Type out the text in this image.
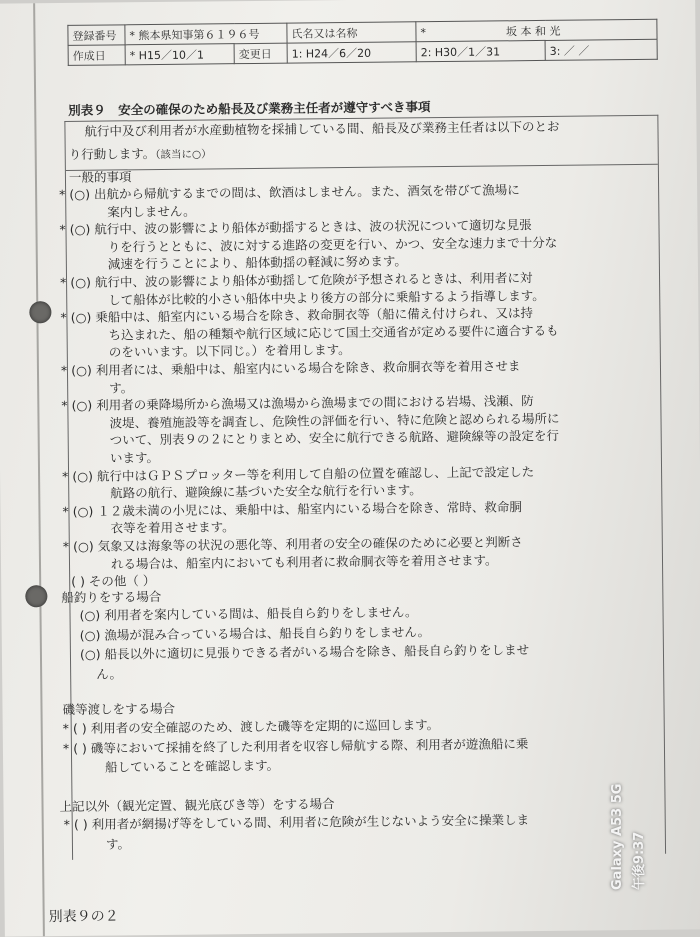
登録番号	* 熊本県知事第６１９６号		氏名又は名称	* 坂 本 和 光	
作成日	* H15／10／1	変更日	1: H24／6／20	2: H30／1／31	3: ／ ／
別表９　安全の確保のため船長及び業務主任者が遵守すべき事項
航行中及び利用者が水産動植物を採捕している間、船長及び業務主任者は以下のとお
り行動します。（該当に○）
一般的事項
* (○) 出航から帰航するまでの間は、飲酒はしません。また、酒気を帯びて漁場に
案内しません。
* (○) 航行中、波の影響により船体が動揺するときは、波の状況について適切な見張
りを行うとともに、波に対する進路の変更を行い、かつ、安全な速力まで十分な
減速を行うことにより、船体動揺の軽減に努めます。
* (○) 航行中、波の影響により船体が動揺して危険が予想されるときは、利用者に対
して船体が比較的小さい船体中央より後方の部分に乗船するよう指導します。
* (○) 乗船中は、船室内にいる場合を除き、救命胴衣等（船に備え付けられ、又は持
ち込まれた、船の種類や航行区域に応じて国土交通省が定める要件に適合するも
のをいいます。以下同じ。）を着用します。
* (○) 利用者には、乗船中は、船室内にいる場合を除き、救命胴衣等を着用させま
す。
* (○) 利用者の乗降場所から漁場又は漁場から漁場までの間における岩場、浅瀬、防
波堤、養殖施設等を調査し、危険性の評価を行い、特に危険と認められる場所に
ついて、別表９の２にとりまとめ、安全に航行できる航路、避険線等の設定を行
います。
* (○) 航行中はＧＰＳプロッター等を利用して自船の位置を確認し、上記で設定した
航路の航行、避険線に基づいた安全な航行を行います。
* (○) １２歳未満の小児には、乗船中は、船室内にいる場合を除き、常時、救命胴
衣等を着用させます。
* (○) 気象又は海象等の状況の悪化等、利用者の安全の確保のために必要と判断さ
れる場合は、船室内においても利用者に救命胴衣等を着用させます。
( ) その他（ ）
船釣りをする場合
(○) 利用者を案内している間は、船長自ら釣りをしません。
(○) 漁場が混み合っている場合は、船長自ら釣りをしません。
(○) 船長以外に適切に見張りできる者がいる場合を除き、船長自ら釣りをしませ
ん。
磯等渡しをする場合
* ( ) 利用者の安全確認のため、渡した磯等を定期的に巡回します。
* ( ) 磯等において採捕を終了した利用者を収容し帰航する際、利用者が遊漁船に乗
船していることを確認します。
上記以外（観光定置、観光底びき等）をする場合
* ( ) 利用者が網揚げ等をしている間、利用者に危険が生じないよう安全に操業しま
す。
別表９の２
Galaxy A53 5G 午後9:37
